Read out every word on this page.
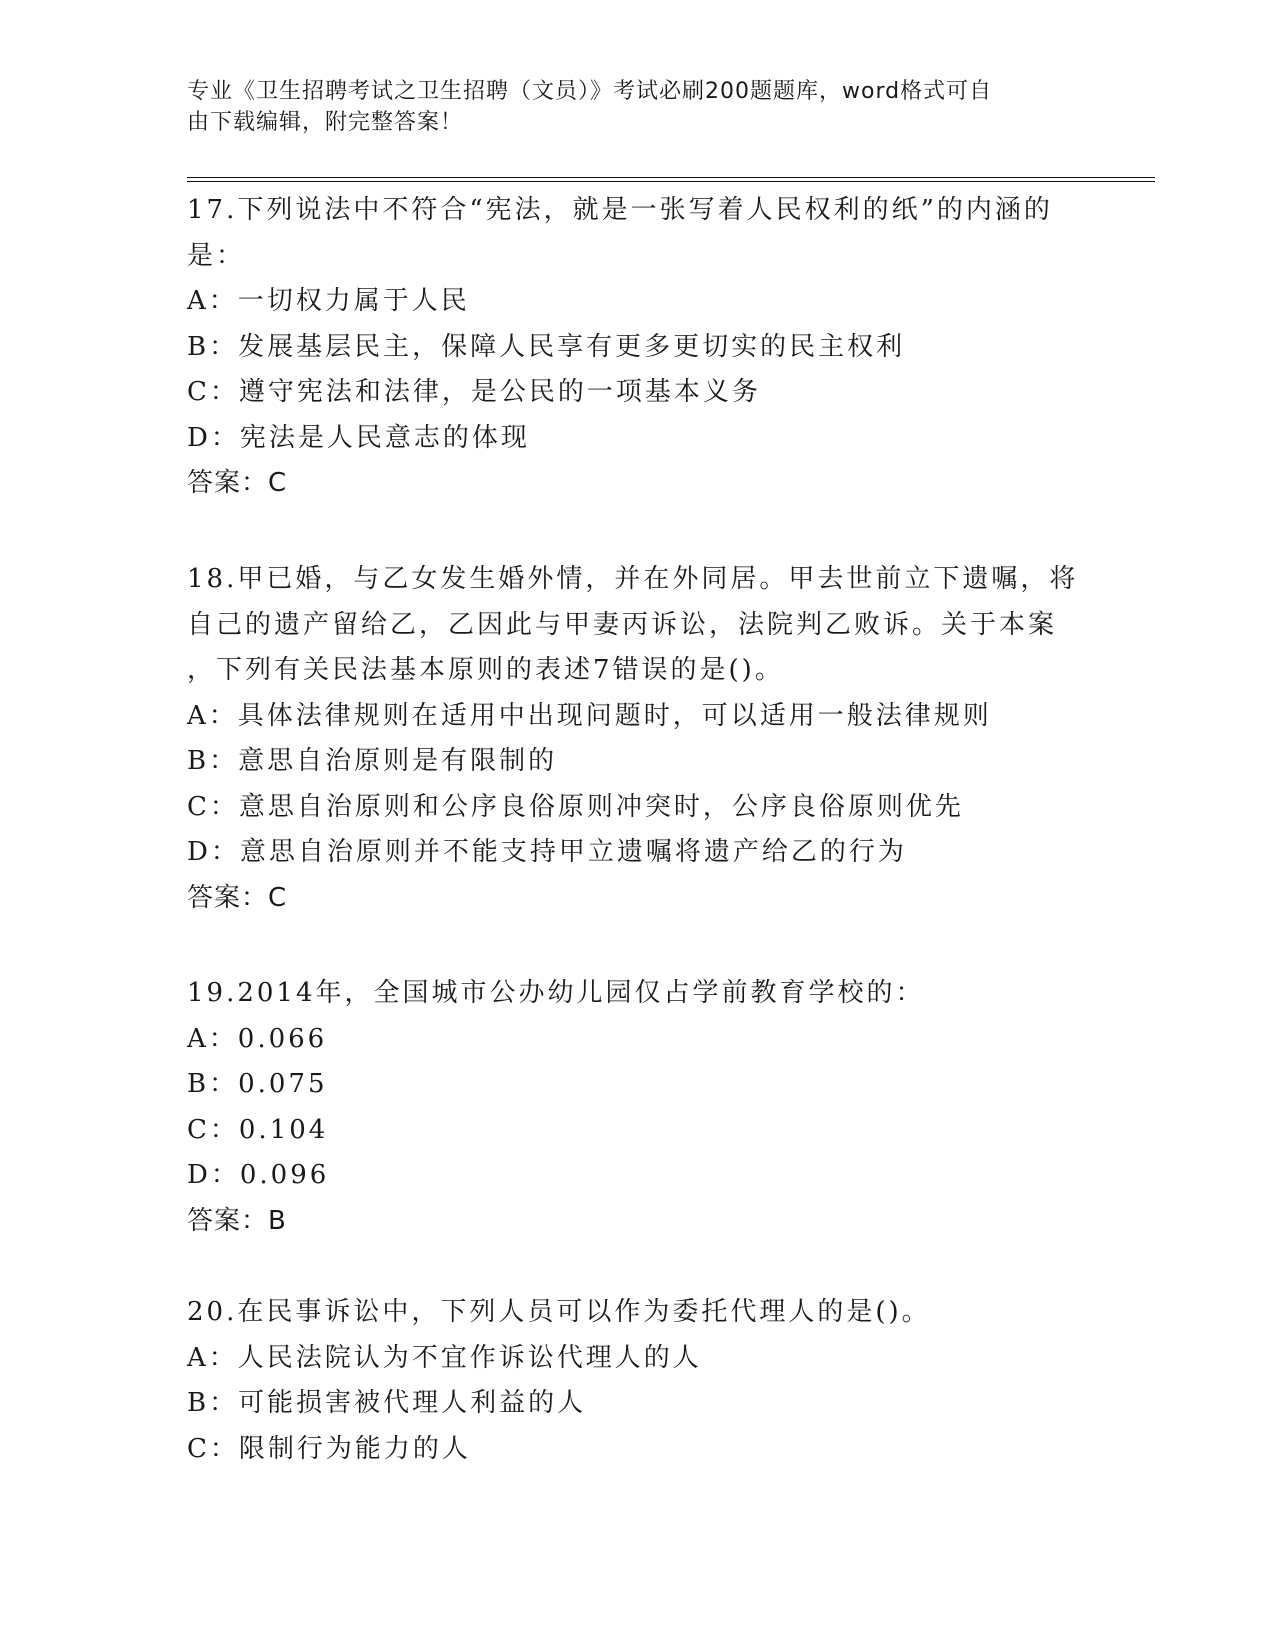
专业《卫生招聘考试之卫生招聘（文员）》考试必刷200题题库，word格式可自
由下载编辑，附完整答案！
17.下列说法中不符合“宪法，就是一张写着人民权利的纸”的内涵的
是：
A：一切权力属于人民
B：发展基层民主，保障人民享有更多更切实的民主权利
C：遵守宪法和法律，是公民的一项基本义务
D：宪法是人民意志的体现
答案：C
18.甲已婚，与乙女发生婚外情，并在外同居。甲去世前立下遗嘱，将
自己的遗产留给乙，乙因此与甲妻丙诉讼，法院判乙败诉。关于本案
，下列有关民法基本原则的表述7错误的是()。
A：具体法律规则在适用中出现问题时，可以适用一般法律规则
B：意思自治原则是有限制的
C：意思自治原则和公序良俗原则冲突时，公序良俗原则优先
D：意思自治原则并不能支持甲立遗嘱将遗产给乙的行为
答案：C
19.2014年，全国城市公办幼儿园仅占学前教育学校的：
A：0.066
B：0.075
C：0.104
D：0.096
答案：B
20.在民事诉讼中，下列人员可以作为委托代理人的是()。
A：人民法院认为不宜作诉讼代理人的人
B：可能损害被代理人利益的人
C：限制行为能力的人
